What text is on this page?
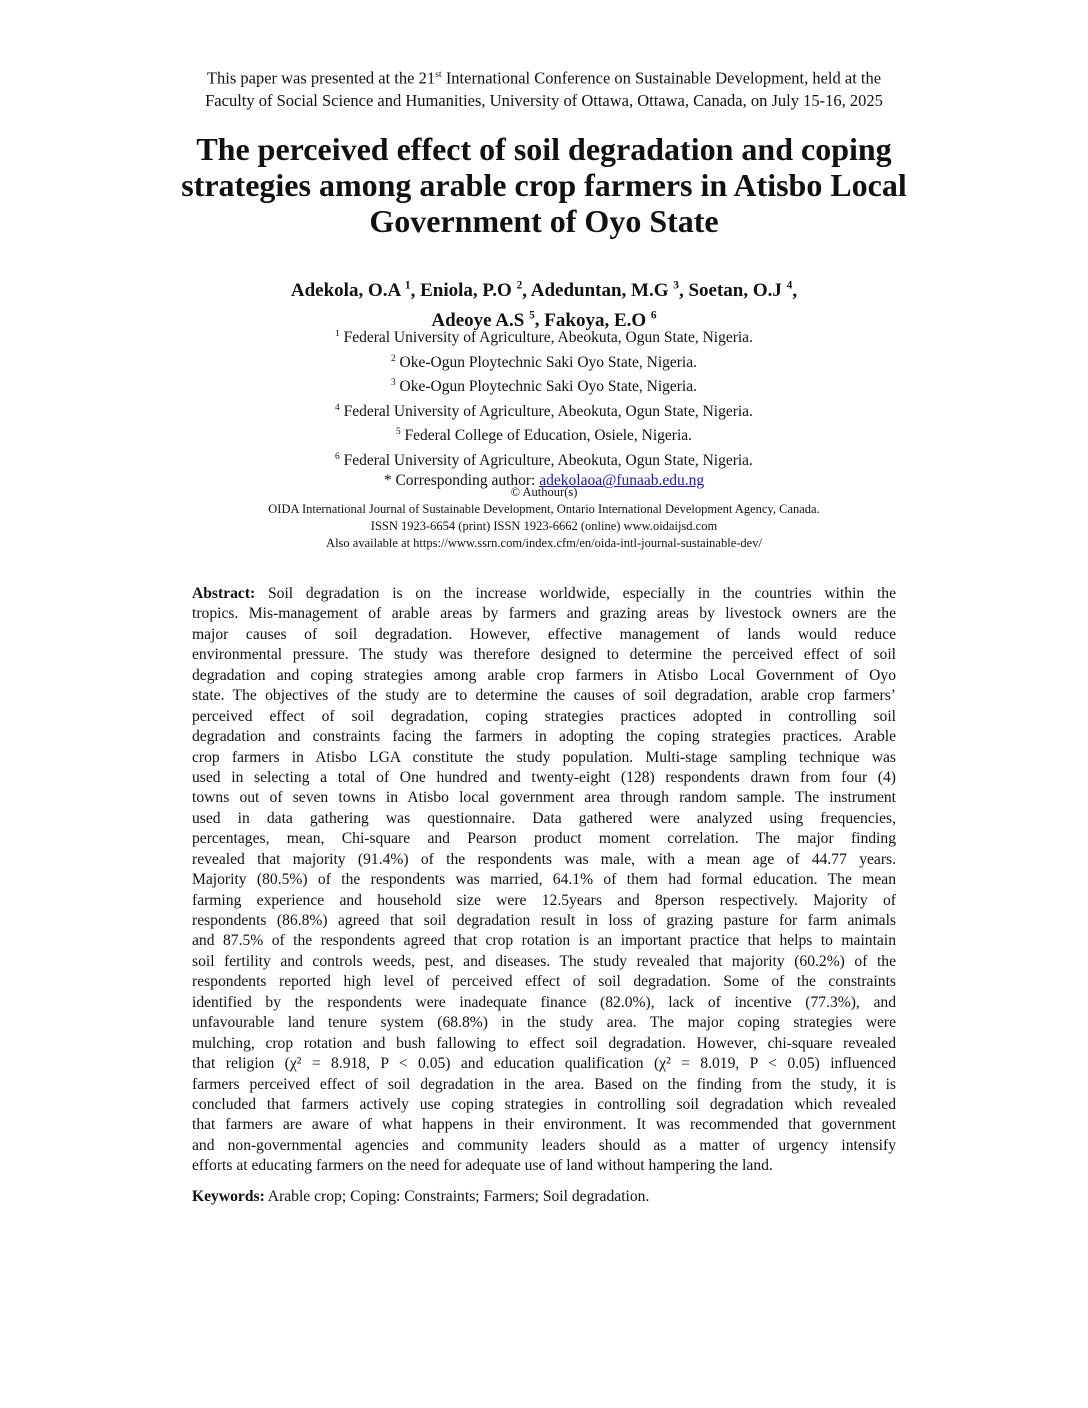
This paper was presented at the 21st International Conference on Sustainable Development, held at the
Faculty of Social Science and Humanities, University of Ottawa, Ottawa, Canada, on July 15-16, 2025
The perceived effect of soil degradation and coping
strategies among arable crop farmers in Atisbo Local
Government of Oyo State
Adekola, O.A $^1$, Eniola, P.O $^2$, Adeduntan, M.G $^3$, Soetan, O.J $^4$,
Adeoye A.S $^5$, Fakoya, E.O $^6$
$^1$ Federal University of Agriculture, Abeokuta, Ogun State, Nigeria.
$^2$ Oke-Ogun Ploytechnic Saki Oyo State, Nigeria.
$^3$ Oke-Ogun Ploytechnic Saki Oyo State, Nigeria.
$^4$ Federal University of Agriculture, Abeokuta, Ogun State, Nigeria.
$^5$ Federal College of Education, Osiele, Nigeria.
$^6$ Federal University of Agriculture, Abeokuta, Ogun State, Nigeria.
* Corresponding author: adekolaoa@funaab.edu.ng
© Authour(s)
OIDA International Journal of Sustainable Development, Ontario International Development Agency, Canada.
ISSN 1923-6654 (print) ISSN 1923-6662 (online) www.oidaijsd.com
Also available at https://www.ssrn.com/index.cfm/en/oida-intl-journal-sustainable-dev/
Abstract: Soil degradation is on the increase worldwide, especially in the countries within the
tropics. Mis-management of arable areas by farmers and grazing areas by livestock owners are the
major causes of soil degradation. However, effective management of lands would reduce
environmental pressure. The study was therefore designed to determine the perceived effect of soil
degradation and coping strategies among arable crop farmers in Atisbo Local Government of Oyo
state. The objectives of the study are to determine the causes of soil degradation, arable crop farmers’
perceived effect of soil degradation, coping strategies practices adopted in controlling soil
degradation and constraints facing the farmers in adopting the coping strategies practices. Arable
crop farmers in Atisbo LGA constitute the study population. Multi-stage sampling technique was
used in selecting a total of One hundred and twenty-eight (128) respondents drawn from four (4)
towns out of seven towns in Atisbo local government area through random sample. The instrument
used in data gathering was questionnaire. Data gathered were analyzed using frequencies,
percentages, mean, Chi-square and Pearson product moment correlation. The major finding
revealed that majority (91.4%) of the respondents was male, with a mean age of 44.77 years.
Majority (80.5%) of the respondents was married, 64.1% of them had formal education. The mean
farming experience and household size were 12.5years and 8person respectively. Majority of
respondents (86.8%) agreed that soil degradation result in loss of grazing pasture for farm animals
and 87.5% of the respondents agreed that crop rotation is an important practice that helps to maintain
soil fertility and controls weeds, pest, and diseases. The study revealed that majority (60.2%) of the
respondents reported high level of perceived effect of soil degradation. Some of the constraints
identified by the respondents were inadequate finance (82.0%), lack of incentive (77.3%), and
unfavourable land tenure system (68.8%) in the study area. The major coping strategies were
mulching, crop rotation and bush fallowing to effect soil degradation. However, chi-square revealed
that religion (χ² = 8.918, P < 0.05) and education qualification (χ² = 8.019, P < 0.05) influenced
farmers perceived effect of soil degradation in the area. Based on the finding from the study, it is
concluded that farmers actively use coping strategies in controlling soil degradation which revealed
that farmers are aware of what happens in their environment. It was recommended that government
and non-governmental agencies and community leaders should as a matter of urgency intensify
efforts at educating farmers on the need for adequate use of land without hampering the land.
Keywords: Arable crop; Coping: Constraints; Farmers; Soil degradation.
